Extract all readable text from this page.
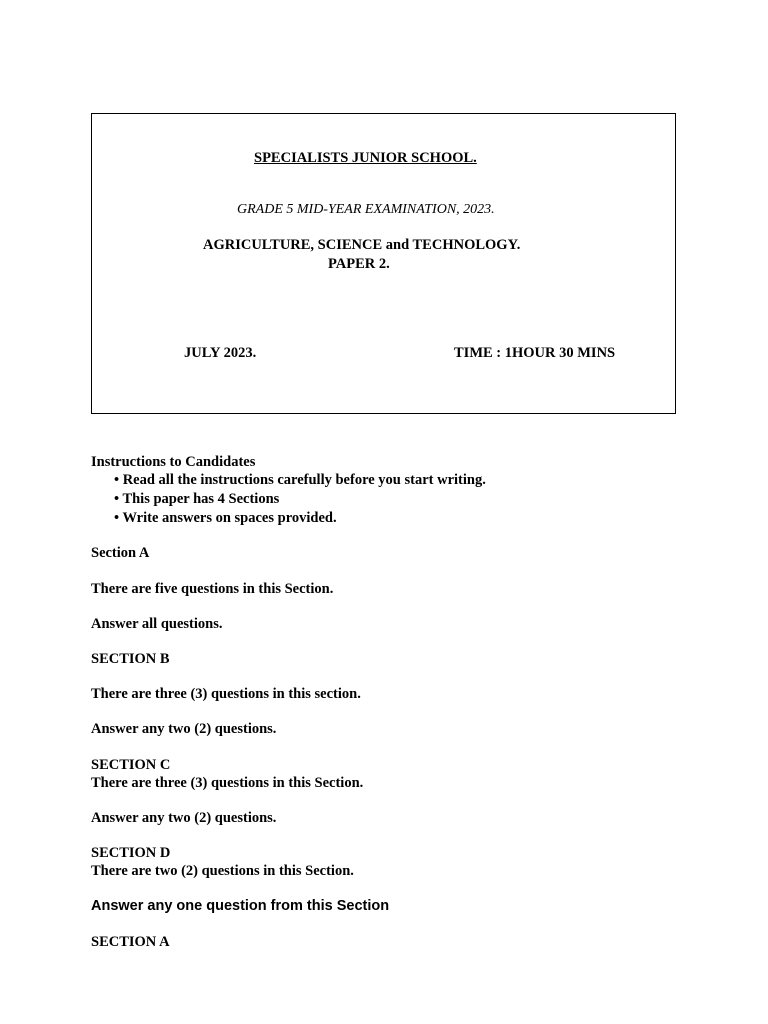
SPECIALISTS JUNIOR SCHOOL.
GRADE 5 MID-YEAR EXAMINATION, 2023.
AGRICULTURE, SCIENCE and TECHNOLOGY.
PAPER 2.
JULY 2023.	TIME : 1HOUR 30 MINS
Instructions to Candidates
• Read all the instructions carefully before you start writing.
• This paper has 4 Sections
• Write answers on spaces provided.
Section A
There are five questions in this Section.
Answer all questions.
SECTION B
There are three (3) questions in this section.
Answer any two (2) questions.
SECTION C
There are three (3) questions in this Section.
Answer any two (2) questions.
SECTION D
There are two (2) questions in this Section.
Answer any one question from this Section
SECTION A
